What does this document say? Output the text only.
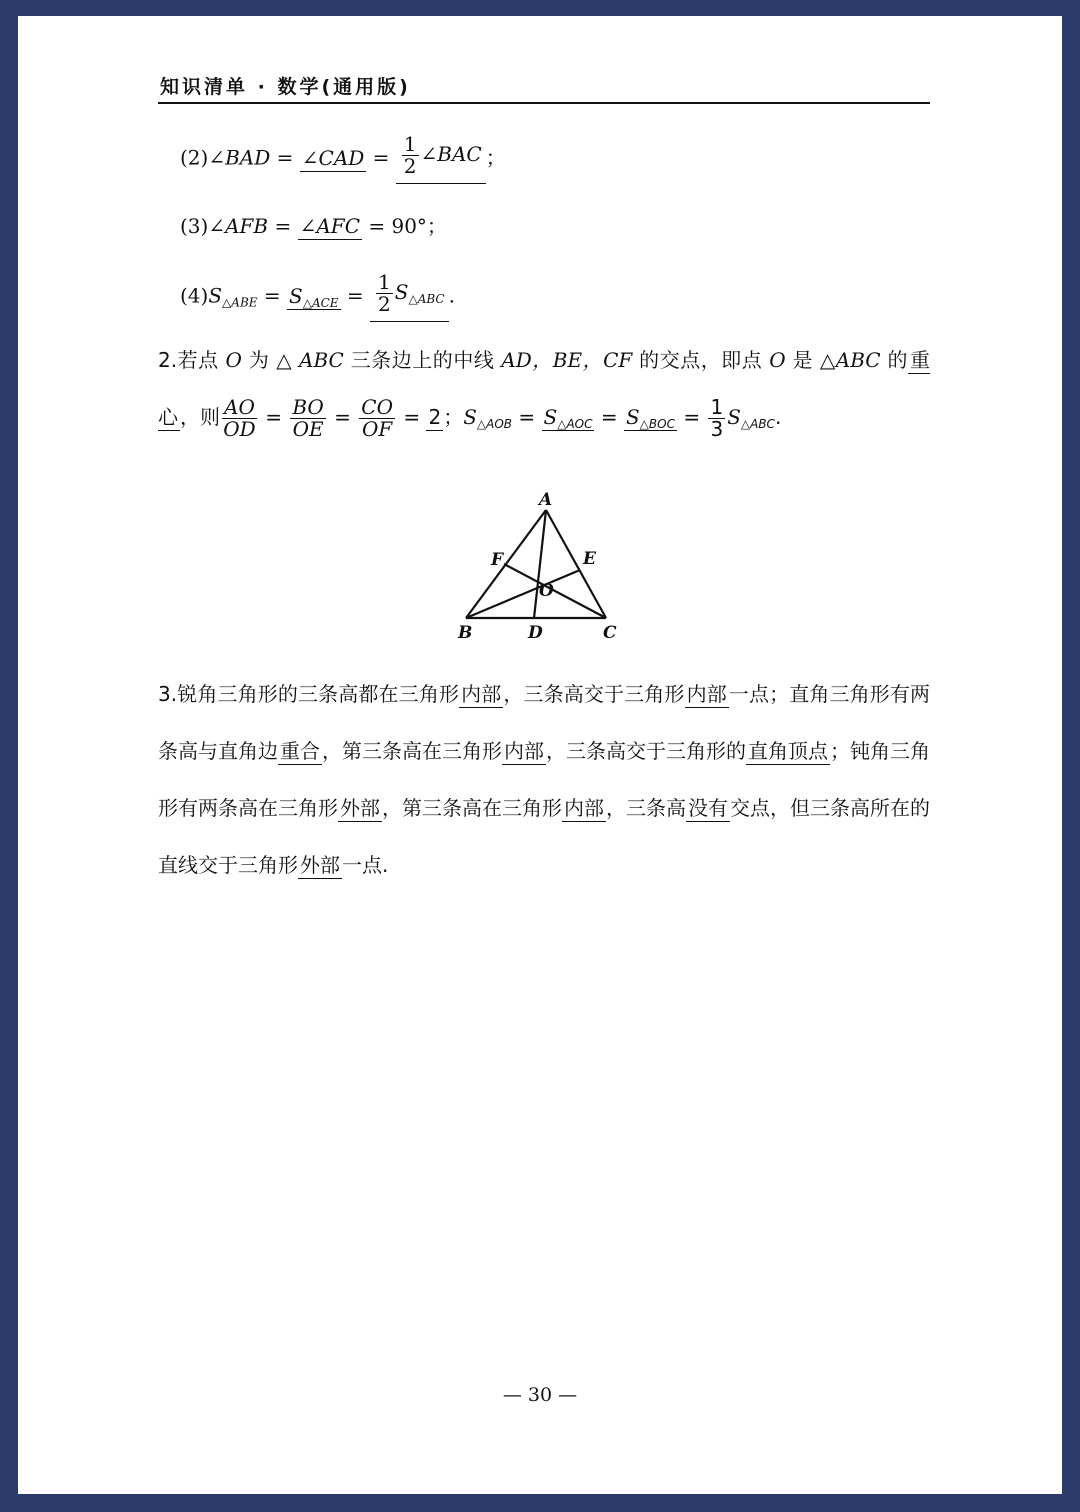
知识清单 · 数学(通用版)
(2)∠BAD = ∠CAD = $\frac{1}{2}$ ∠BAC ；
(3)∠AFB = ∠AFC = 90°；
$(4)S_{\triangle ABE} = S_{\triangle ACE} = \frac{1}{2} S_{\triangle ABC}$ .
2.若点 O 为 △ ABC 三条边上的中线 AD，BE，CF 的交点，即点 O 是 △ABC 的 重心 ，则 $\frac{AO}{OD} = \frac{BO}{OE} = \frac{CO}{OF} = 2$ ；$S_{\triangle AOB} = S_{\triangle AOC} = S_{\triangle BOC} = \frac{1}{3} S_{\triangle ABC}$.
A
B	C
D
E
F
O
3.锐角三角形的三条高都在三角形 内部 ，三条高交于三角形 内部 一点；直角三角形有两条高与直角边 重合 ，第三条高在三角形 内部 ，三条高交于三角形的 直角顶点 ；钝角三角形有两条高在三角形 外部 ，第三条高在三角形 内部 ，三条高 没有 交点，但三条高所在的直线交于三角形 外部 一点.
— 30 —
